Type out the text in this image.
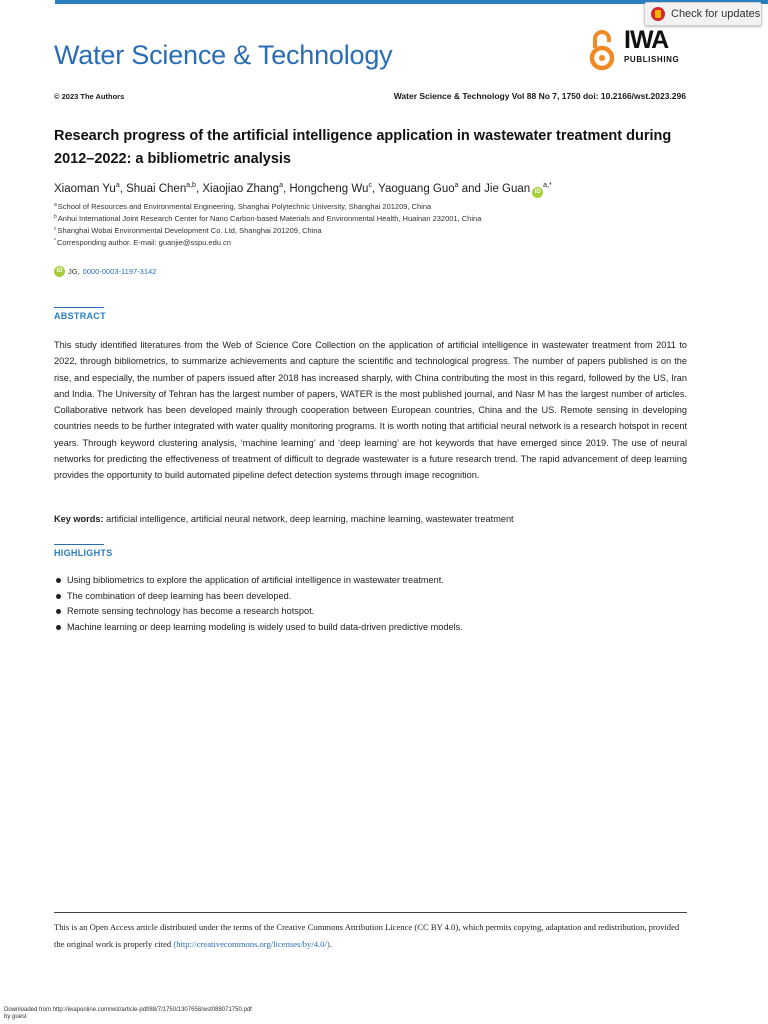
Check for updates
Water Science & Technology	IWA
PUBLISHING
© 2023 The Authors	Water Science & Technology Vol 88 No 7, 1750 doi: 10.2166/wst.2023.296
Research progress of the artificial intelligence application in wastewater treatment during 2012–2022: a bibliometric analysis
Xiaoman Yu$^a$, Shuai Chen$^{a,b}$, Xiaojiao Zhang$^a$, Hongcheng Wu$^c$, Yaoguang Guo$^a$ and Jie Guan $iD^{a,*}$
$^a$School of Resources and Environmental Engineering, Shanghai Polytechnic University, Shanghai 201209, China
$^b$Anhui International Joint Research Center for Nano Carbon-based Materials and Environmental Health, Huainan 232001, China
$^c$Shanghai Wobai Environmental Development Co. Ltd, Shanghai 201209, China
*Corresponding author. E-mail: guanjie@sspu.edu.cn
iD JG, 0000-0003-1197-3142
ABSTRACT
This study identified literatures from the Web of Science Core Collection on the application of artificial intelligence in wastewater treatment from 2011 to 2022, through bibliometrics, to summarize achievements and capture the scientific and technological progress. The number of papers published is on the rise, and especially, the number of papers issued after 2018 has increased sharply, with China contributing the most in this regard, followed by the US, Iran and India. The University of Tehran has the largest number of papers, WATER is the most published journal, and Nasr M has the largest number of articles. Collaborative network has been developed mainly through cooperation between European countries, China and the US. Remote sensing in developing countries needs to be further integrated with water quality monitoring programs. It is worth noting that artificial neural network is a research hotspot in recent years. Through keyword clustering analysis, ‘machine learning’ and ‘deep learning’ are hot keywords that have emerged since 2019. The use of neural networks for predicting the effectiveness of treatment of difficult to degrade wastewater is a future research trend. The rapid advancement of deep learning provides the opportunity to build automated pipeline defect detection systems through image recognition.
Key words: artificial intelligence, artificial neural network, deep learning, machine learning, wastewater treatment
HIGHLIGHTS
Using bibliometrics to explore the application of artificial intelligence in wastewater treatment.
The combination of deep learning has been developed.
Remote sensing technology has become a research hotspot.
Machine learning or deep learning modeling is widely used to build data-driven predictive models.
This is an Open Access article distributed under the terms of the Creative Commons Attribution Licence (CC BY 4.0), which permits copying, adaptation and redistribution, provided the original work is properly cited (http://creativecommons.org/licenses/by/4.0/).
Downloaded from http://iwaponline.com/wst/article-pdf/88/7/1750/1307658/wst088071750.pdf
by guest
